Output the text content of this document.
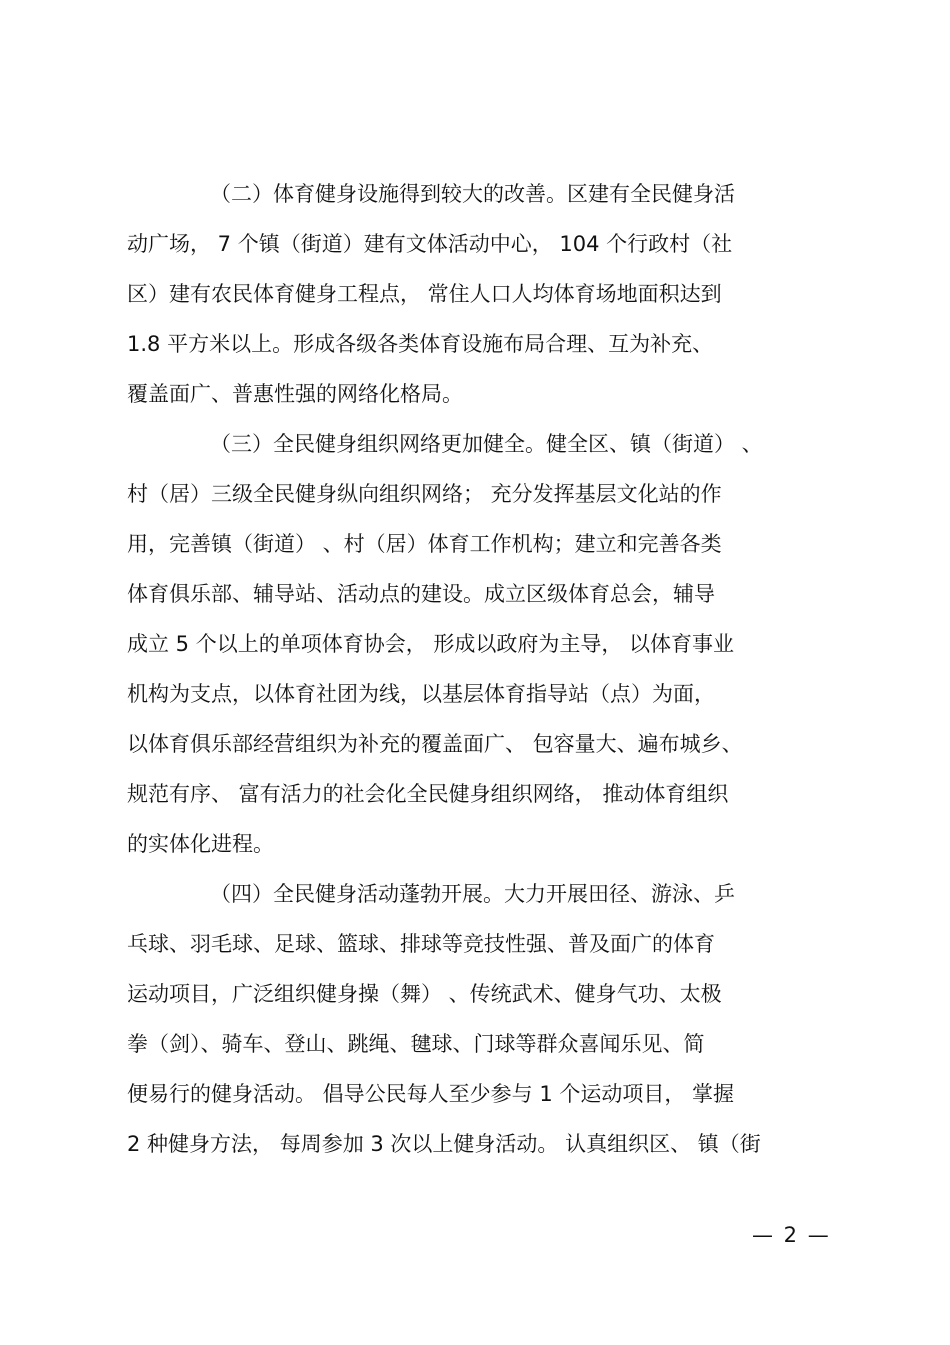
（二）体育健身设施得到较大的改善。区建有全民健身活
动广场， 7 个镇（街道）建有文体活动中心， 104 个行政村（社
区）建有农民体育健身工程点， 常住人口人均体育场地面积达到
1.8 平方米以上。形成各级各类体育设施布局合理、互为补充、
覆盖面广、普惠性强的网络化格局。
（三）全民健身组织网络更加健全。健全区、镇（街道） 、
村（居）三级全民健身纵向组织网络； 充分发挥基层文化站的作
用，完善镇（街道） 、村（居）体育工作机构；建立和完善各类
体育俱乐部、辅导站、活动点的建设。成立区级体育总会，辅导
成立 5 个以上的单项体育协会， 形成以政府为主导， 以体育事业
机构为支点，以体育社团为线，以基层体育指导站（点）为面，
以体育俱乐部经营组织为补充的覆盖面广、 包容量大、遍布城乡、
规范有序、 富有活力的社会化全民健身组织网络， 推动体育组织
的实体化进程。
（四）全民健身活动蓬勃开展。大力开展田径、游泳、乒
乓球、羽毛球、足球、篮球、排球等竞技性强、普及面广的体育
运动项目，广泛组织健身操（舞） 、传统武术、健身气功、太极
拳（剑）、骑车、登山、跳绳、毽球、门球等群众喜闻乐见、简
便易行的健身活动。 倡导公民每人至少参与 1 个运动项目， 掌握
2 种健身方法， 每周参加 3 次以上健身活动。 认真组织区、 镇（街
— 2 —
